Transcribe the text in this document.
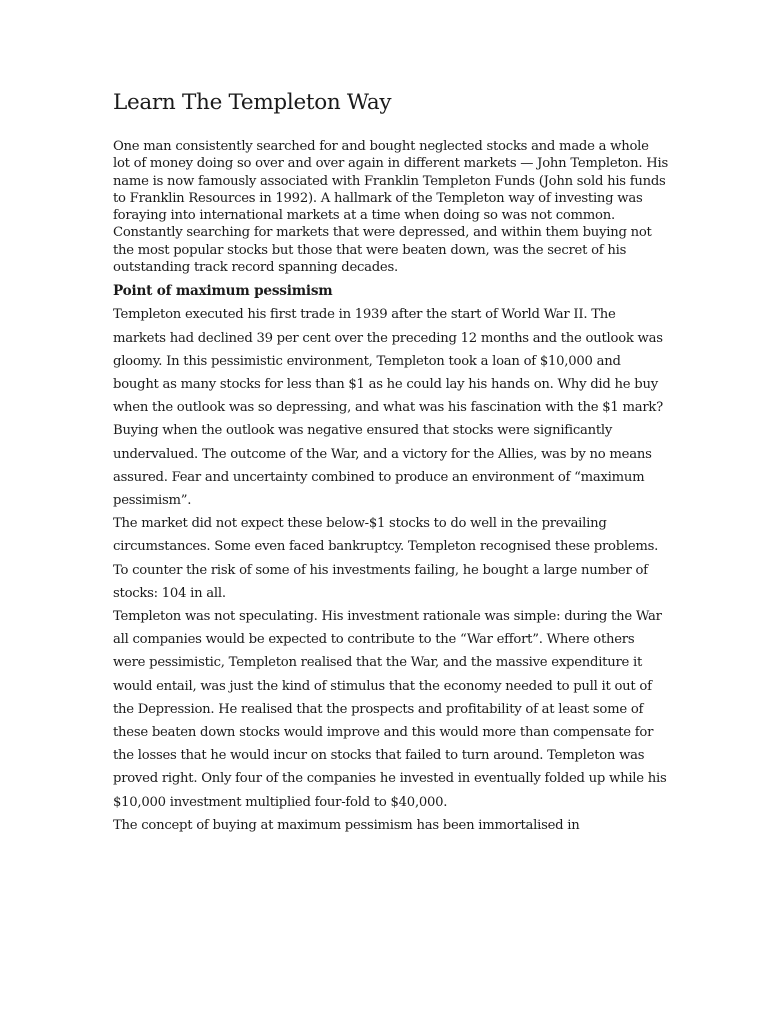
Learn The Templeton Way

One man consistently searched for and bought neglected stocks and made a whole lot of money doing so over and over again in different markets — John Templeton. His name is now famously associated with Franklin Templeton Funds (John sold his funds to Franklin Resources in 1992). A hallmark of the Templeton way of investing was foraying into international markets at a time when doing so was not common. Constantly searching for markets that were depressed, and within them buying not the most popular stocks but those that were beaten down, was the secret of his outstanding track record spanning decades.

Point of maximum pessimism

Templeton executed his first trade in 1939 after the start of World War II. The markets had declined 39 per cent over the preceding 12 months and the outlook was gloomy. In this pessimistic environment, Templeton took a loan of $10,000 and bought as many stocks for less than $1 as he could lay his hands on. Why did he buy when the outlook was so depressing, and what was his fascination with the $1 mark?

Buying when the outlook was negative ensured that stocks were significantly undervalued. The outcome of the War, and a victory for the Allies, was by no means assured. Fear and uncertainty combined to produce an environment of “maximum pessimism”.

The market did not expect these below-$1 stocks to do well in the prevailing circumstances. Some even faced bankruptcy. Templeton recognised these problems. To counter the risk of some of his investments failing, he bought a large number of stocks: 104 in all.

Templeton was not speculating. His investment rationale was simple: during the War all companies would be expected to contribute to the “War effort”. Where others were pessimistic, Templeton realised that the War, and the massive expenditure it would entail, was just the kind of stimulus that the economy needed to pull it out of the Depression. He realised that the prospects and profitability of at least some of these beaten down stocks would improve and this would more than compensate for the losses that he would incur on stocks that failed to turn around. Templeton was proved right. Only four of the companies he invested in eventually folded up while his $10,000 investment multiplied four-fold to $40,000.

The concept of buying at maximum pessimism has been immortalised in
